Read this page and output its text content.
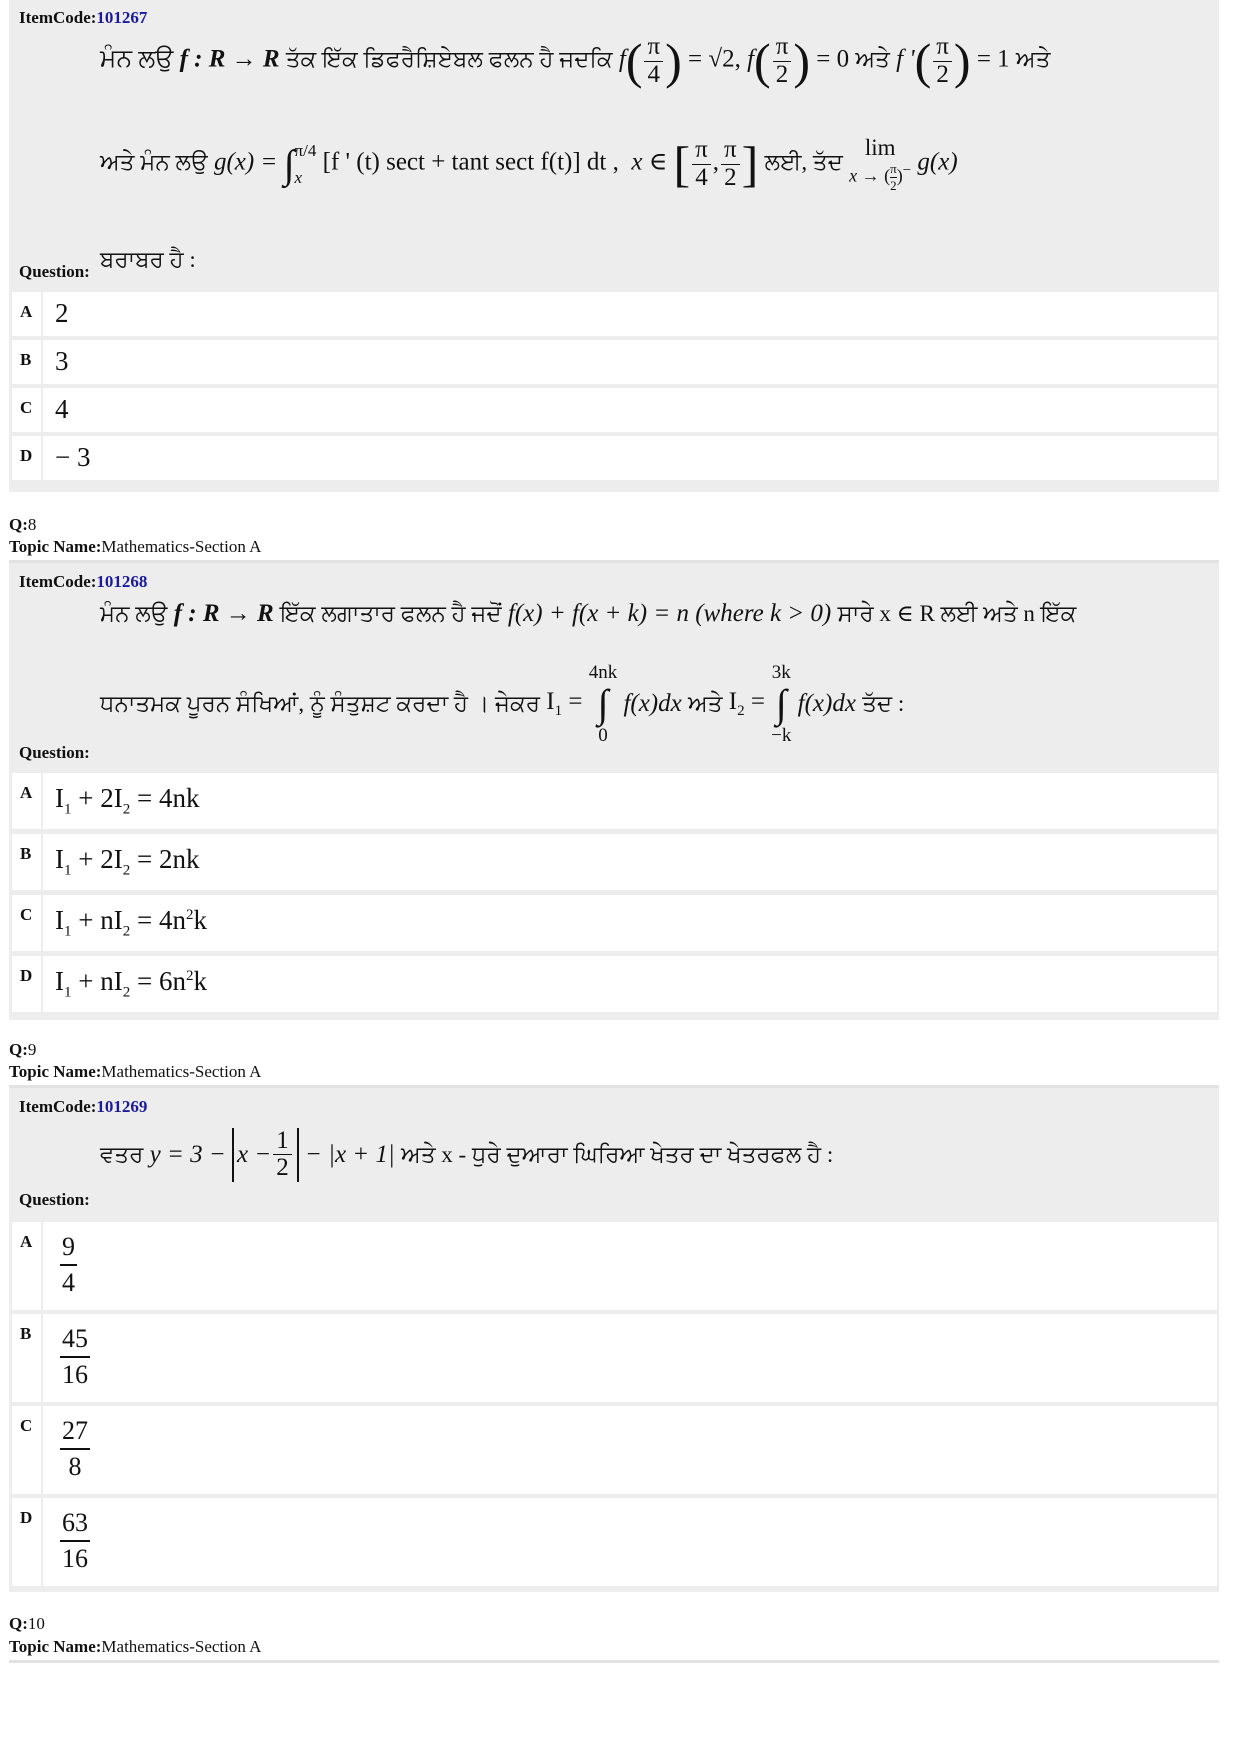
ItemCode:101267
ਮੰਨ ਲਉ f : R → R ਤੱਕ ਇੱਕ ਡਿਫਰੈਸ਼ਿਏਬਲ ਫਲਨ ਹੈ ਜਦਕਿ $f( \frac{\pi}{4}$ ) = √2, $f( \frac{\pi}{2}$ ) = 0 ਅਤੇ f '( $\frac{\pi}{2}$ ) = 1 ਅਤੇ
ਅਤੇ ਮੰਨ ਲਉ g(x) = ∫ π/4
x
[f ' (t) sect + tant sect f(t)] dt , x ∈ [ $\frac{\pi}{4}$ , $\frac{\pi}{2}$ ] ਲਈ, ਤੱਦ
lim
x → ( $\frac{\pi}{2} )^-$ g(x)
ਬਰਾਬਰ ਹੈ :
Question:
A 2
B 3
C 4
D − 3
Q:8
Topic Name:Mathematics-Section A
ItemCode:101268
ਮੰਨ ਲਉ f : R → R ਇੱਕ ਲਗਾਤਾਰ ਫਲਨ ਹੈ ਜਦੋਂ f(x) + f(x + k) = n (where k > 0) ਸਾਰੇ x ∈ R ਲਈ ਅਤੇ n ਇੱਕ
ਧਨਾਤਮਕ ਪੂਰਨ ਸੰਖਿਆਂ, ਨੂੰ ਸੰਤੁਸ਼ਟ ਕਰਦਾ ਹੈ । ਜੇਕਰ $I_1$ =
4nk
∫
0
f(x)dx ਅਤੇ $I_2$ =
3k
∫
−k
f(x)dx ਤੱਦ :
Question:
A $I_1 + 2I_2 = 4nk$
B $I_1 + 2I_2 = 2nk$
C $I_1 + nI_2 = 4n^2k$
D $I_1 + nI_2 = 6n^2k$
Q:9
Topic Name:Mathematics-Section A
ItemCode:101269
ਵਤਰ $y = 3 - x - \frac{1}{2} - |x + 1|$ ਅਤੇ x - ਧੁਰੇ ਦੁਆਰਾ ਘਿਰਿਆ ਖੇਤਰ ਦਾ ਖੇਤਰਫਲ ਹੈ :
Question:
A 9
4
B 45
16
C 27
8
D 63
16
Q:10
Topic Name:Mathematics-Section A
